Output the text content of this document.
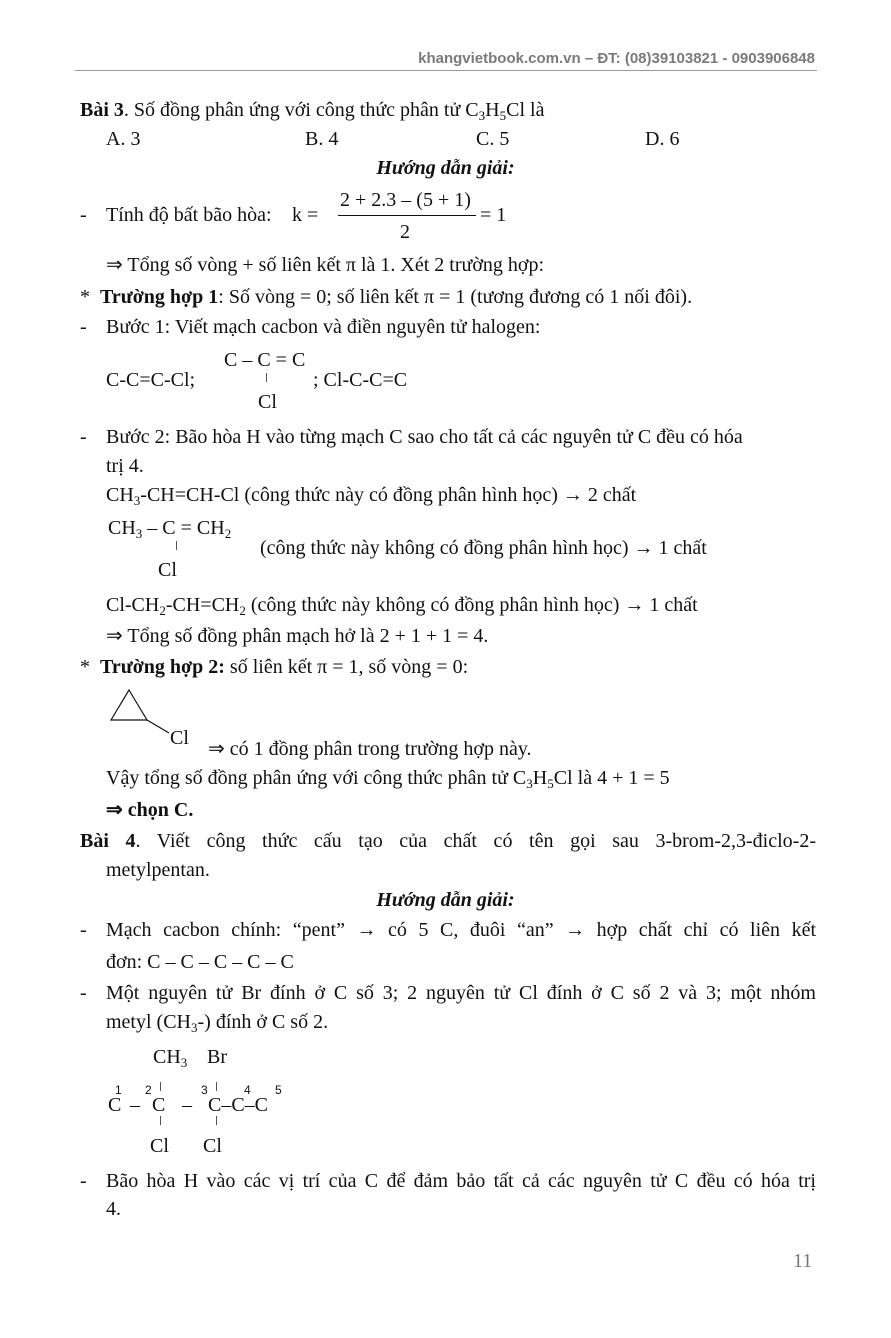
khangvietbook.com.vn – ĐT: (08)39103821 - 0903906848
Bài 3. Số đồng phân ứng với công thức phân tử $C_3H_5Cl$ là
A. 3	B. 4	C. 5	D. 6
Hướng dẫn giải:
- Tính độ bất bão hòa: k =
2 + 2.3 – (5 + 1)
2
= 1
⇒ Tổng số vòng + số liên kết π là 1. Xét 2 trường hợp:
* Trường hợp 1: Số vòng = 0; số liên kết π = 1 (tương đương có 1 nối đôi).
- Bước 1: Viết mạch cacbon và điền nguyên tử halogen:
C-C=C-Cl;
C – C = C
Cl
; Cl-C-C=C
- Bước 2: Bão hòa H vào từng mạch C sao cho tất cả các nguyên tử C đều có hóa
trị 4.
$CH_3-CH=CH-Cl$ (công thức này có đồng phân hình học) → 2 chất
$CH_3 - C = CH_2$
Cl
(công thức này không có đồng phân hình học) → 1 chất
$Cl-CH_2-CH=CH_2$ (công thức này không có đồng phân hình học) → 1 chất
⇒ Tổng số đồng phân mạch hở là 2 + 1 + 1 = 4.
* Trường hợp 2: số liên kết π = 1, số vòng = 0:
Cl ⇒ có 1 đồng phân trong trường hợp này.
Vậy tổng số đồng phân ứng với công thức phân tử $C_3H_5Cl$ là 4 + 1 = 5
⇒ chọn C.
Bài 4. Viết công thức cấu tạo của chất có tên gọi sau 3-brom-2,3-điclo-2-
metylpentan.
Hướng dẫn giải:
- Mạch cacbon chính: “pent” → có 5 C, đuôi “an” → hợp chất chỉ có liên kết
đơn: C – C – C – C – C
- Một nguyên tử Br đính ở C số 3; 2 nguyên tử Cl đính ở C số 2 và 3; một nhóm
metyl $(CH_3-)$ đính ở C số 2.
$CH_3$ Br
1 2	3	4 5
C – C – C–C–C
Cl Cl
- Bão hòa H vào các vị trí của C để đảm bảo tất cả các nguyên tử C đều có hóa trị
4.
11
